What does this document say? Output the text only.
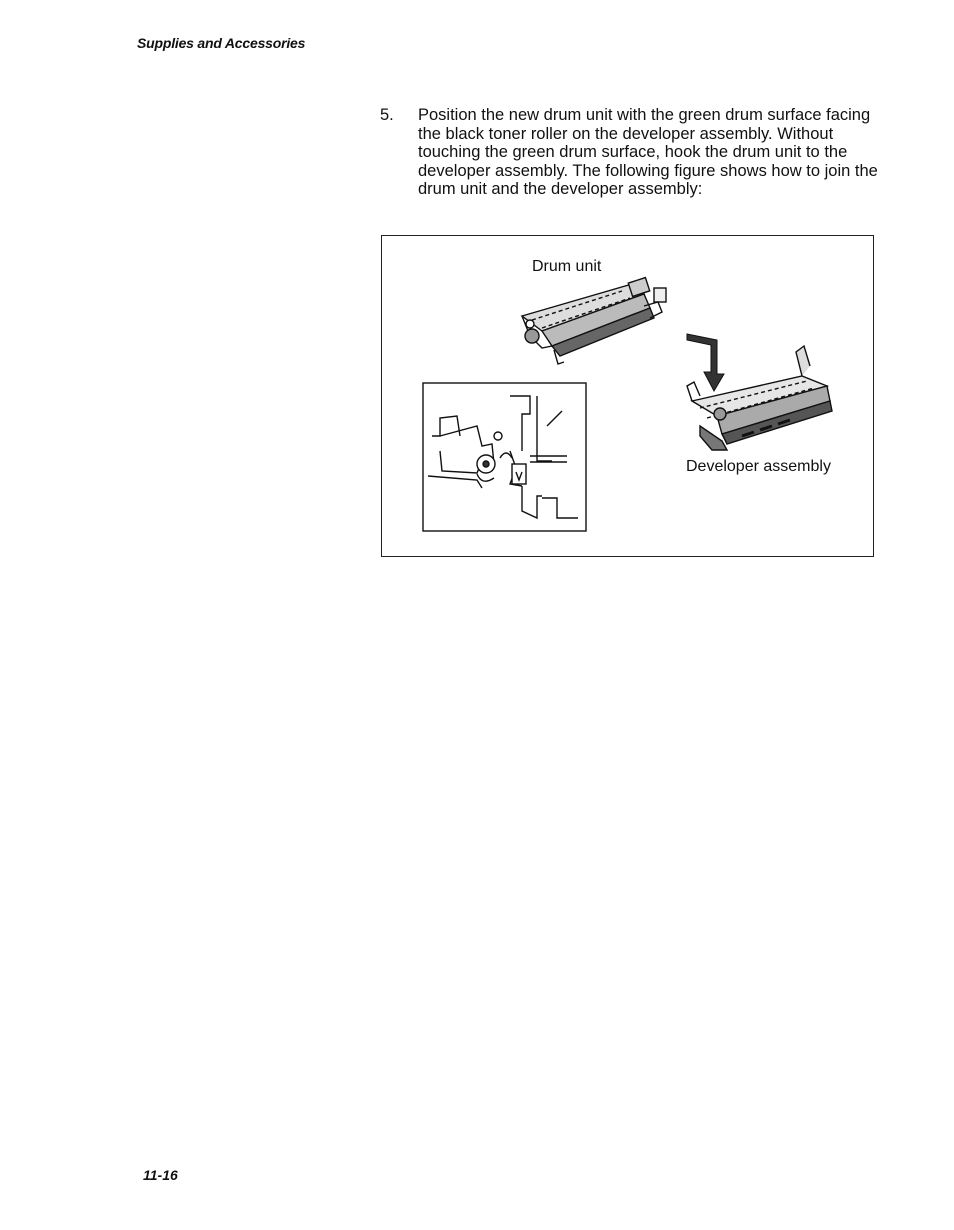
Supplies and Accessories
5. Position the new drum unit with the green drum surface facing the black toner roller on the developer assembly. Without touching the green drum surface, hook the drum unit to the developer assembly. The following figure shows how to join the drum unit and the developer assembly:
Drum unit
Developer assembly
11-16
